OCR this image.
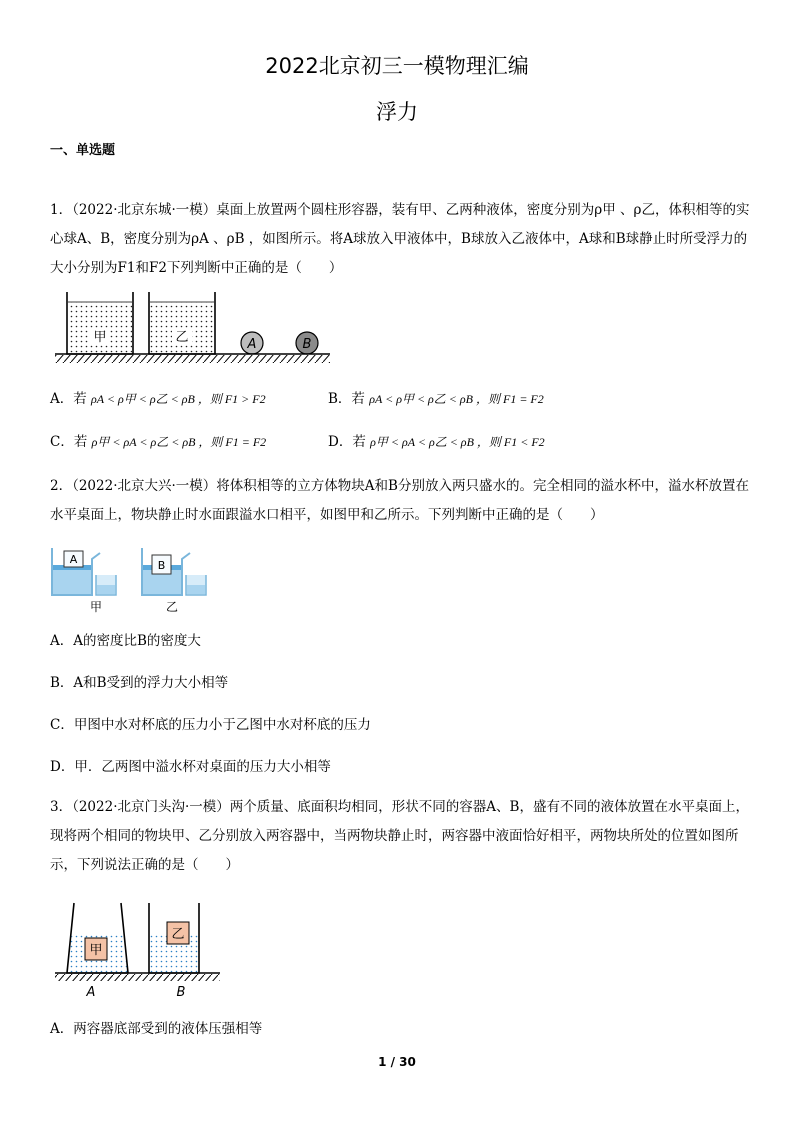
2022北京初三一模物理汇编
浮力
一、单选题
1．（2022·北京东城·一模）桌面上放置两个圆柱形容器，装有甲、乙两种液体，密度分别为ρ甲 、ρ乙，体积相等的实心球A、B，密度分别为ρA 、ρB ，如图所示。将A球放入甲液体中，B球放入乙液体中，A球和B球静止时所受浮力的大小分别为F1和F2下列判断中正确的是（　　）
甲	乙	A	B
A．若 ρA < ρ甲 < ρ乙 < ρB ，则 F1 > F2	B．若 ρA < ρ甲 < ρ乙 < ρB ，则 F1 = F2
C．若 ρ甲 < ρA < ρ乙 < ρB ，则 F1 = F2	D．若 ρ甲 < ρA < ρ乙 < ρB ，则 F1 < F2
2．（2022·北京大兴·一模）将体积相等的立方体物块A和B分别放入两只盛水的。完全相同的溢水杯中，溢水杯放置在水平桌面上，物块静止时水面跟溢水口相平，如图甲和乙所示。下列判断中正确的是（　　）
A
甲
B
乙
A．A的密度比B的密度大
B．A和B受到的浮力大小相等
C．甲图中水对杯底的压力小于乙图中水对杯底的压力
D．甲．乙两图中溢水杯对桌面的压力大小相等
3．（2022·北京门头沟·一模）两个质量、底面积均相同，形状不同的容器A、B，盛有不同的液体放置在水平桌面上，现将两个相同的物块甲、乙分别放入两容器中，当两物块静止时，两容器中液面恰好相平，两物块所处的位置如图所示，下列说法正确的是（　　）
甲
乙
A	B
A．两容器底部受到的液体压强相等
1 / 30
